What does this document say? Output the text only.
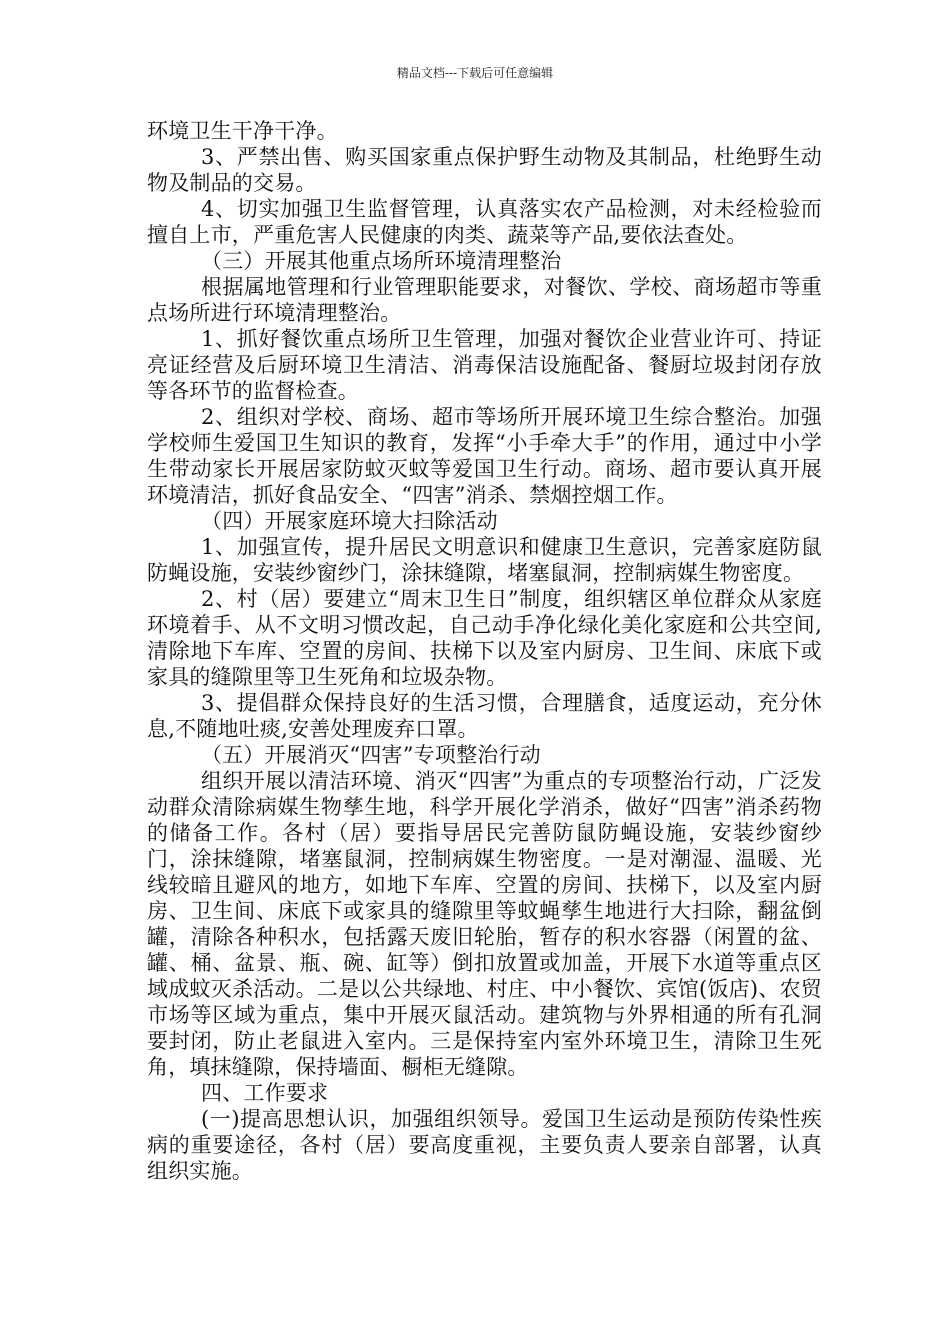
精品文档---下载后可任意编辑

环境卫生干净干净。

3、严禁出售、购买国家重点保护野生动物及其制品，杜绝野生动物及制品的交易。

4、切实加强卫生监督管理，认真落实农产品检测，对未经检验而擅自上市，严重危害人民健康的肉类、蔬菜等产品,要依法查处。

（三）开展其他重点场所环境清理整治

根据属地管理和行业管理职能要求，对餐饮、学校、商场超市等重点场所进行环境清理整治。

1、抓好餐饮重点场所卫生管理，加强对餐饮企业营业许可、持证亮证经营及后厨环境卫生清洁、消毒保洁设施配备、餐厨垃圾封闭存放等各环节的监督检查。

2、组织对学校、商场、超市等场所开展环境卫生综合整治。加强学校师生爱国卫生知识的教育，发挥“小手牵大手”的作用，通过中小学生带动家长开展居家防蚊灭蚊等爱国卫生行动。商场、超市要认真开展环境清洁，抓好食品安全、“四害”消杀、禁烟控烟工作。

（四）开展家庭环境大扫除活动

1、加强宣传，提升居民文明意识和健康卫生意识，完善家庭防鼠防蝇设施，安装纱窗纱门，涂抹缝隙，堵塞鼠洞，控制病媒生物密度。

2、村（居）要建立“周末卫生日”制度，组织辖区单位群众从家庭环境着手、从不文明习惯改起，自己动手净化绿化美化家庭和公共空间,清除地下车库、空置的房间、扶梯下以及室内厨房、卫生间、床底下或家具的缝隙里等卫生死角和垃圾杂物。

3、提倡群众保持良好的生活习惯，合理膳食，适度运动，充分休息,不随地吐痰,安善处理废弃口罩。

（五）开展消灭“四害”专项整治行动

组织开展以清洁环境、消灭“四害”为重点的专项整治行动，广泛发动群众清除病媒生物孳生地，科学开展化学消杀，做好“四害”消杀药物的储备工作。各村（居）要指导居民完善防鼠防蝇设施，安装纱窗纱门，涂抹缝隙，堵塞鼠洞，控制病媒生物密度。一是对潮湿、温暖、光线较暗且避风的地方，如地下车库、空置的房间、扶梯下，以及室内厨房、卫生间、床底下或家具的缝隙里等蚊蝇孳生地进行大扫除，翻盆倒罐，清除各种积水，包括露天废旧轮胎，暂存的积水容器（闲置的盆、罐、桶、盆景、瓶、碗、缸等）倒扣放置或加盖，开展下水道等重点区域成蚊灭杀活动。二是以公共绿地、村庄、中小餐饮、宾馆(饭店)、农贸市场等区域为重点，集中开展灭鼠活动。建筑物与外界相通的所有孔洞要封闭，防止老鼠进入室内。三是保持室内室外环境卫生，清除卫生死角，填抹缝隙，保持墙面、橱柜无缝隙。

四、工作要求

(一)提高思想认识，加强组织领导。爱国卫生运动是预防传染性疾病的重要途径，各村（居）要高度重视，主要负责人要亲自部署，认真组织实施。
